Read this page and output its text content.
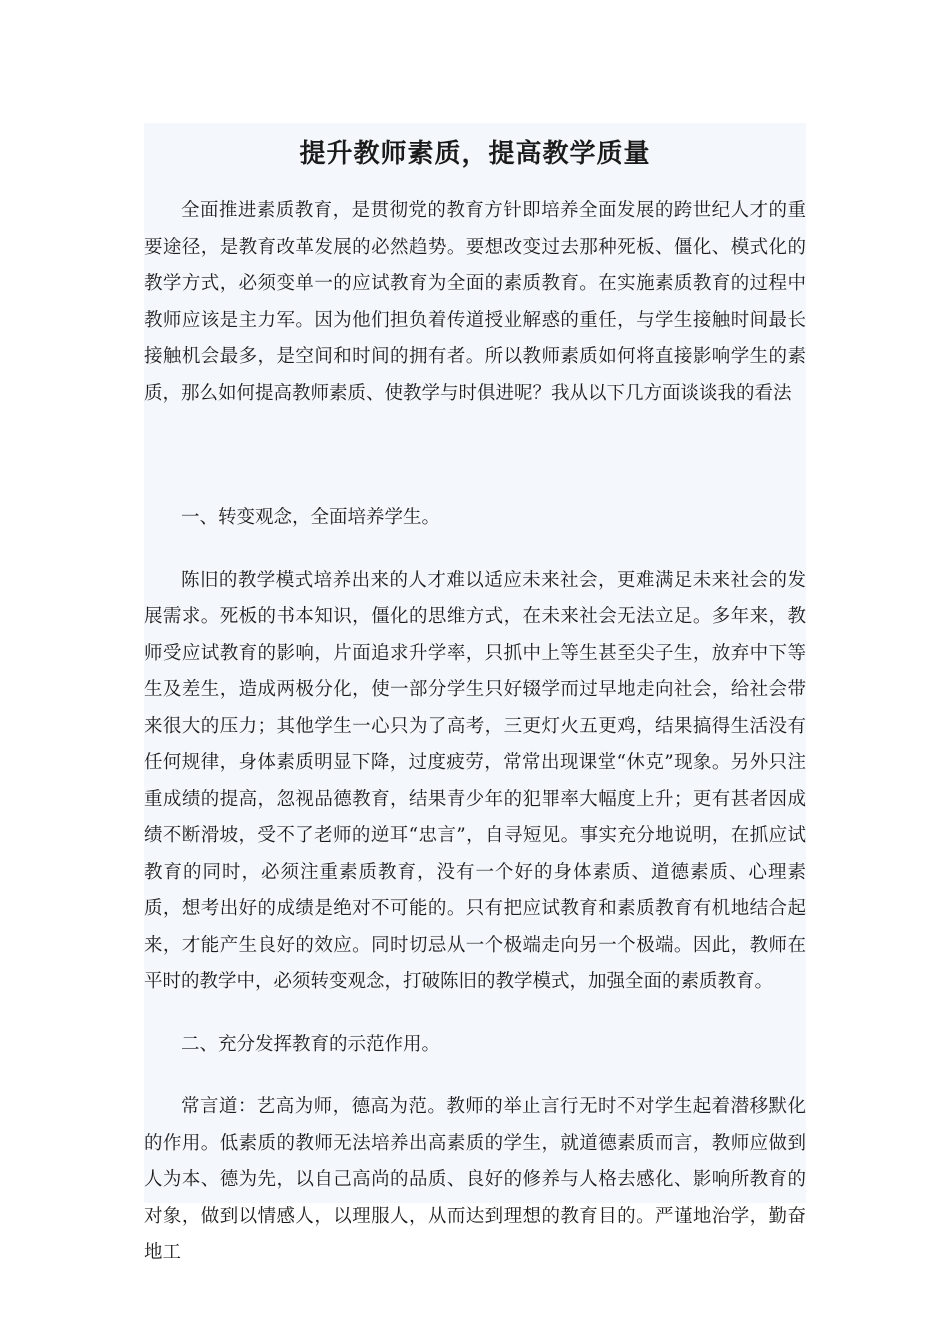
提升教师素质，提高教学质量

全面推进素质教育，是贯彻党的教育方针即培养全面发展的跨世纪人才的重要途径，是教育改革发展的必然趋势。要想改变过去那种死板、僵化、模式化的教学方式，必须变单一的应试教育为全面的素质教育。在实施素质教育的过程中教师应该是主力军。因为他们担负着传道授业解惑的重任，与学生接触时间最长接触机会最多，是空间和时间的拥有者。所以教师素质如何将直接影响学生的素质，那么如何提高教师素质、使教学与时俱进呢？我从以下几方面谈谈我的看法

一、转变观念，全面培养学生。

陈旧的教学模式培养出来的人才难以适应未来社会，更难满足未来社会的发展需求。死板的书本知识，僵化的思维方式，在未来社会无法立足。多年来，教师受应试教育的影响，片面追求升学率，只抓中上等生甚至尖子生，放弃中下等生及差生，造成两极分化，使一部分学生只好辍学而过早地走向社会，给社会带来很大的压力；其他学生一心只为了高考，三更灯火五更鸡，结果搞得生活没有任何规律，身体素质明显下降，过度疲劳，常常出现课堂“休克”现象。另外只注重成绩的提高，忽视品德教育，结果青少年的犯罪率大幅度上升；更有甚者因成绩不断滑坡，受不了老师的逆耳“忠言”，自寻短见。事实充分地说明，在抓应试教育的同时，必须注重素质教育，没有一个好的身体素质、道德素质、心理素质，想考出好的成绩是绝对不可能的。只有把应试教育和素质教育有机地结合起来，才能产生良好的效应。同时切忌从一个极端走向另一个极端。因此，教师在平时的教学中，必须转变观念，打破陈旧的教学模式，加强全面的素质教育。

二、充分发挥教育的示范作用。

常言道：艺高为师，德高为范。教师的举止言行无时不对学生起着潜移默化的作用。低素质的教师无法培养出高素质的学生，就道德素质而言，教师应做到人为本、德为先，以自己高尚的品质、良好的修养与人格去感化、影响所教育的对象，做到以情感人，以理服人，从而达到理想的教育目的。严谨地治学，勤奋地工
